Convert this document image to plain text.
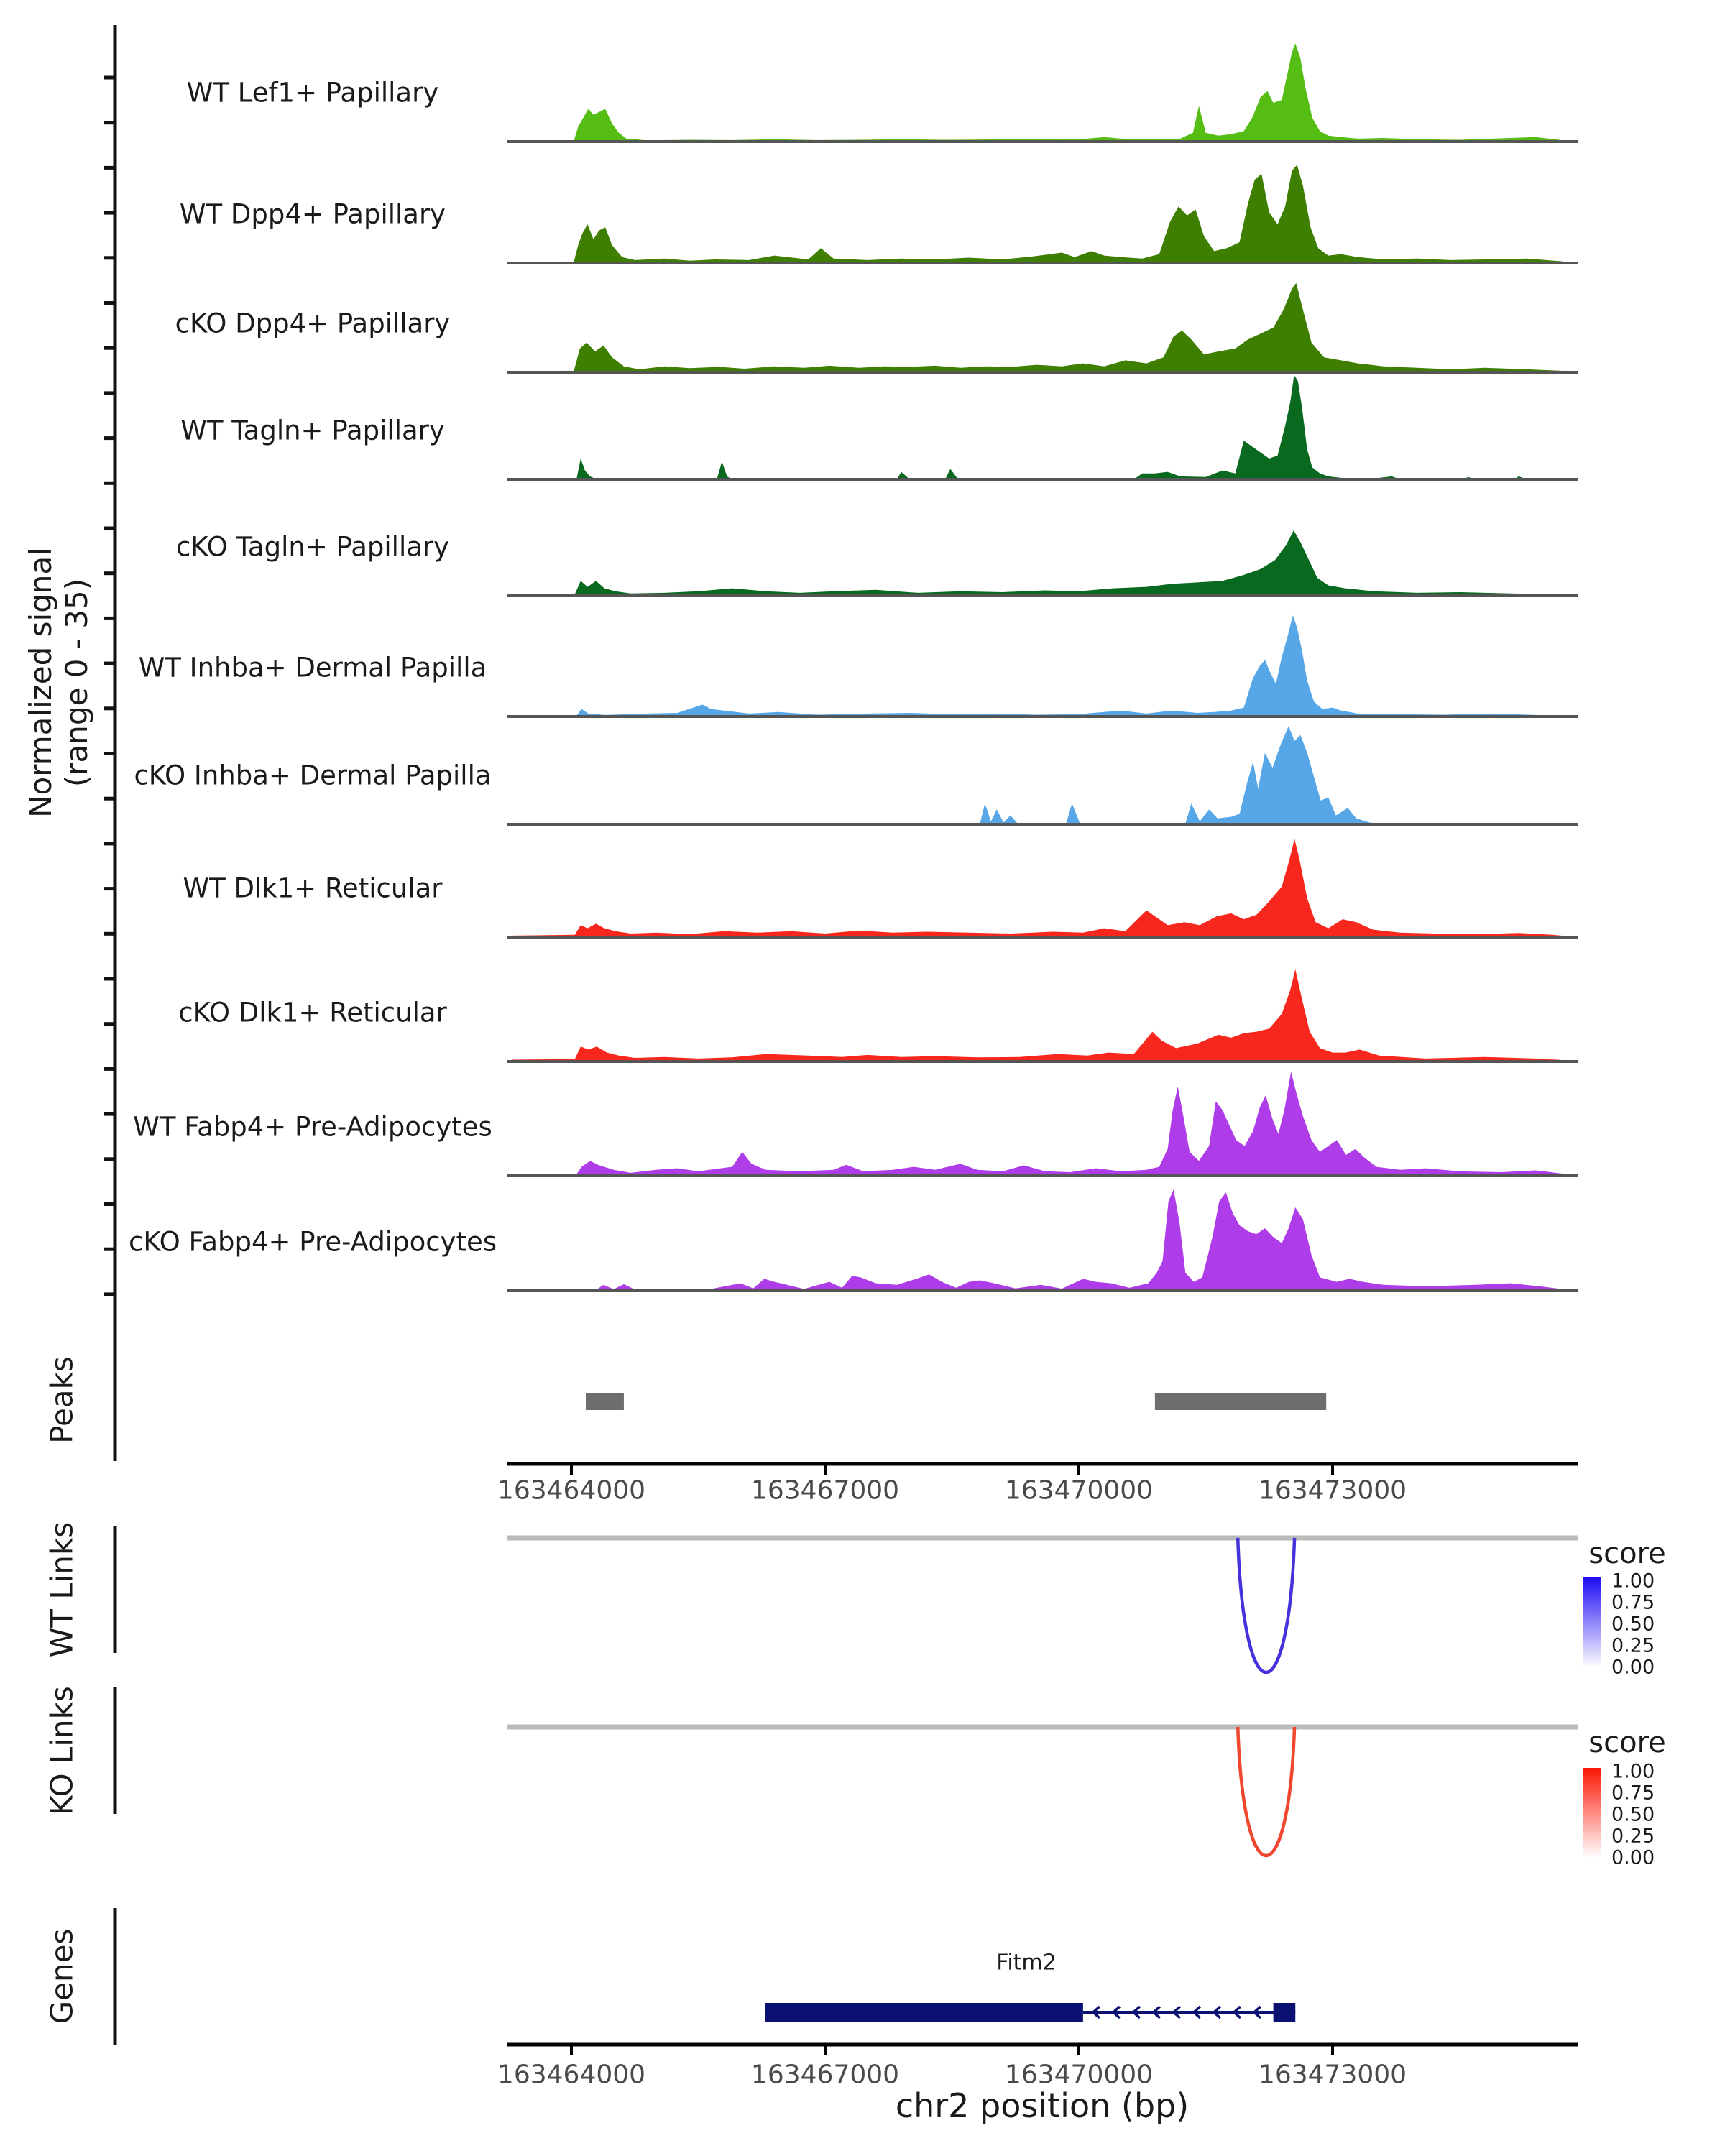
Normalized signal (range 0 - 35)
Peaks
WT Links
KO Links
Genes
score
score
Fitm2
chr2 position (bp)
WT Lef1+ Papillary
WT Dpp4+ Papillary
cKO Dpp4+ Papillary
WT Tagln+ Papillary
cKO Tagln+ Papillary
WT Inhba+ Dermal Papilla
cKO Inhba+ Dermal Papilla
WT Dlk1+ Reticular
cKO Dlk1+ Reticular
WT Fabp4+ Pre-Adipocytes
cKO Fabp4+ Pre-Adipocytes
163464000	163467000	163470000	163473000
163464000	163467000	163470000	163473000
1.00
0.75
0.50
0.25
0.00
1.00
0.75
0.50
0.25
0.00
